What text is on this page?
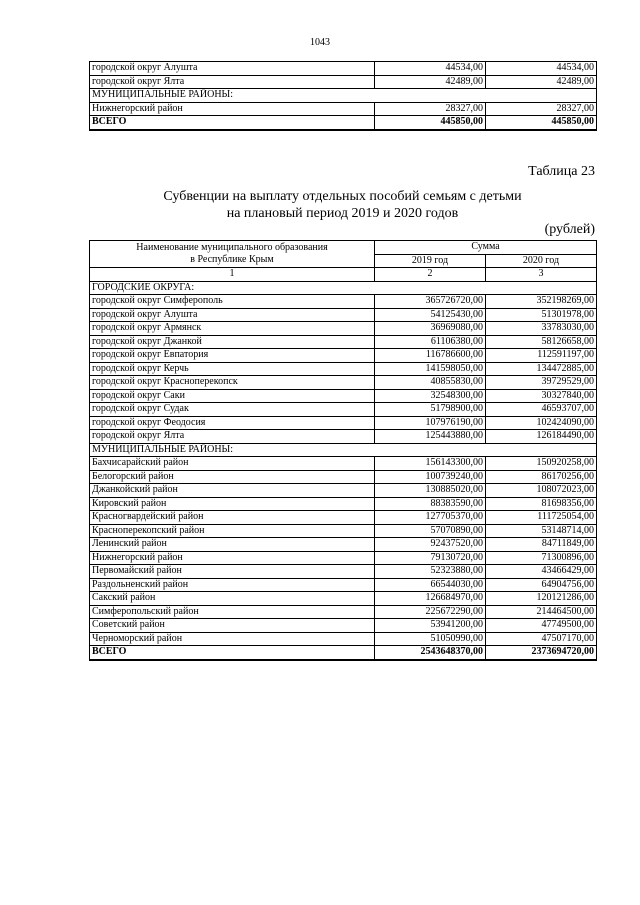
1043
городской округ Алушта	44534,00	44534,00
городской округ Ялта	42489,00	42489,00
МУНИЦИПАЛЬНЫЕ РАЙОНЫ:		
Нижнегорский район	28327,00	28327,00
ВСЕГО	445850,00	445850,00
Таблица 23
Субвенции на выплату отдельных пособий семьям с детьми
на плановый период 2019 и 2020 годов
(рублей)
Наименование муниципального образования
в Республике Крым	Сумма	
	2019 год	2020 год
1	2	3
ГОРОДСКИЕ ОКРУГА:		
городской округ Симферополь	365726720,00	352198269,00
городской округ Алушта	54125430,00	51301978,00
городской округ Армянск	36969080,00	33783030,00
городской округ Джанкой	61106380,00	58126658,00
городской округ Евпатория	116786600,00	112591197,00
городской округ Керчь	141598050,00	134472885,00
городской округ Красноперекопск	40855830,00	39729529,00
городской округ Саки	32548300,00	30327840,00
городской округ Судак	51798900,00	46593707,00
городской округ Феодосия	107976190,00	102424090,00
городской округ Ялта	125443880,00	126184490,00
МУНИЦИПАЛЬНЫЕ РАЙОНЫ:		
Бахчисарайский район	156143300,00	150920258,00
Белогорский район	100739240,00	86170256,00
Джанкойский район	130885020,00	108072023,00
Кировский район	88383590,00	81698356,00
Красногвардейский район	127705370,00	111725054,00
Красноперекопский район	57070890,00	53148714,00
Ленинский район	92437520,00	84711849,00
Нижнегорский район	79130720,00	71300896,00
Первомайский район	52323880,00	43466429,00
Раздольненский район	66544030,00	64904756,00
Сакский район	126684970,00	120121286,00
Симферопольский район	225672290,00	214464500,00
Советский район	53941200,00	47749500,00
Черноморский район	51050990,00	47507170,00
ВСЕГО	2543648370,00	2373694720,00
